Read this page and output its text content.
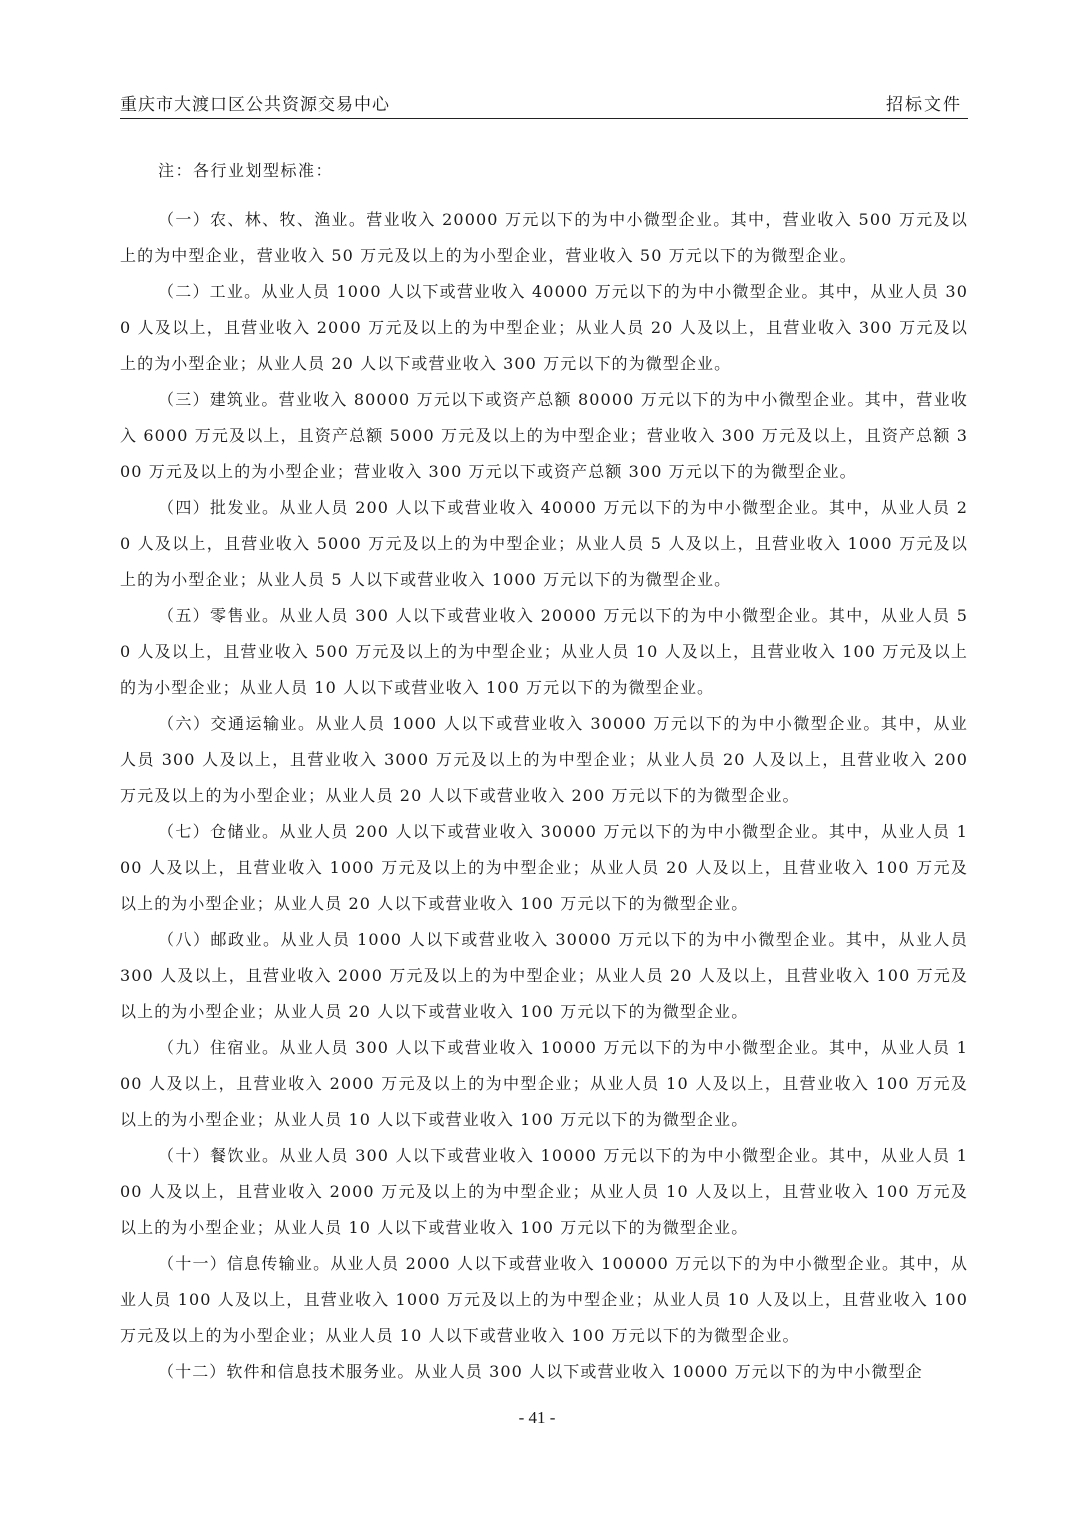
重庆市大渡口区公共资源交易中心	招标文件
注：各行业划型标准：

（一）农、林、牧、渔业。营业收入 20000 万元以下的为中小微型企业。其中，营业收入 500 万元及以上的为中型企业，营业收入 50 万元及以上的为小型企业，营业收入 50 万元以下的为微型企业。

（二）工业。从业人员 1000 人以下或营业收入 40000 万元以下的为中小微型企业。其中，从业人员 300 人及以上，且营业收入 2000 万元及以上的为中型企业；从业人员 20 人及以上，且营业收入 300 万元及以上的为小型企业；从业人员 20 人以下或营业收入 300 万元以下的为微型企业。

（三）建筑业。营业收入 80000 万元以下或资产总额 80000 万元以下的为中小微型企业。其中，营业收入 6000 万元及以上，且资产总额 5000 万元及以上的为中型企业；营业收入 300 万元及以上，且资产总额 300 万元及以上的为小型企业；营业收入 300 万元以下或资产总额 300 万元以下的为微型企业。

（四）批发业。从业人员 200 人以下或营业收入 40000 万元以下的为中小微型企业。其中，从业人员 20 人及以上，且营业收入 5000 万元及以上的为中型企业；从业人员 5 人及以上，且营业收入 1000 万元及以上的为小型企业；从业人员 5 人以下或营业收入 1000 万元以下的为微型企业。

（五）零售业。从业人员 300 人以下或营业收入 20000 万元以下的为中小微型企业。其中，从业人员 50 人及以上，且营业收入 500 万元及以上的为中型企业；从业人员 10 人及以上，且营业收入 100 万元及以上的为小型企业；从业人员 10 人以下或营业收入 100 万元以下的为微型企业。

（六）交通运输业。从业人员 1000 人以下或营业收入 30000 万元以下的为中小微型企业。其中，从业人员 300 人及以上，且营业收入 3000 万元及以上的为中型企业；从业人员 20 人及以上，且营业收入 200 万元及以上的为小型企业；从业人员 20 人以下或营业收入 200 万元以下的为微型企业。

（七）仓储业。从业人员 200 人以下或营业收入 30000 万元以下的为中小微型企业。其中，从业人员 100 人及以上，且营业收入 1000 万元及以上的为中型企业；从业人员 20 人及以上，且营业收入 100 万元及以上的为小型企业；从业人员 20 人以下或营业收入 100 万元以下的为微型企业。

（八）邮政业。从业人员 1000 人以下或营业收入 30000 万元以下的为中小微型企业。其中，从业人员 300 人及以上，且营业收入 2000 万元及以上的为中型企业；从业人员 20 人及以上，且营业收入 100 万元及以上的为小型企业；从业人员 20 人以下或营业收入 100 万元以下的为微型企业。

（九）住宿业。从业人员 300 人以下或营业收入 10000 万元以下的为中小微型企业。其中，从业人员 100 人及以上，且营业收入 2000 万元及以上的为中型企业；从业人员 10 人及以上，且营业收入 100 万元及以上的为小型企业；从业人员 10 人以下或营业收入 100 万元以下的为微型企业。

（十）餐饮业。从业人员 300 人以下或营业收入 10000 万元以下的为中小微型企业。其中，从业人员 100 人及以上，且营业收入 2000 万元及以上的为中型企业；从业人员 10 人及以上，且营业收入 100 万元及以上的为小型企业；从业人员 10 人以下或营业收入 100 万元以下的为微型企业。

（十一）信息传输业。从业人员 2000 人以下或营业收入 100000 万元以下的为中小微型企业。其中，从业人员 100 人及以上，且营业收入 1000 万元及以上的为中型企业；从业人员 10 人及以上，且营业收入 100 万元及以上的为小型企业；从业人员 10 人以下或营业收入 100 万元以下的为微型企业。

（十二）软件和信息技术服务业。从业人员 300 人以下或营业收入 10000 万元以下的为中小微型企

- 41 -
